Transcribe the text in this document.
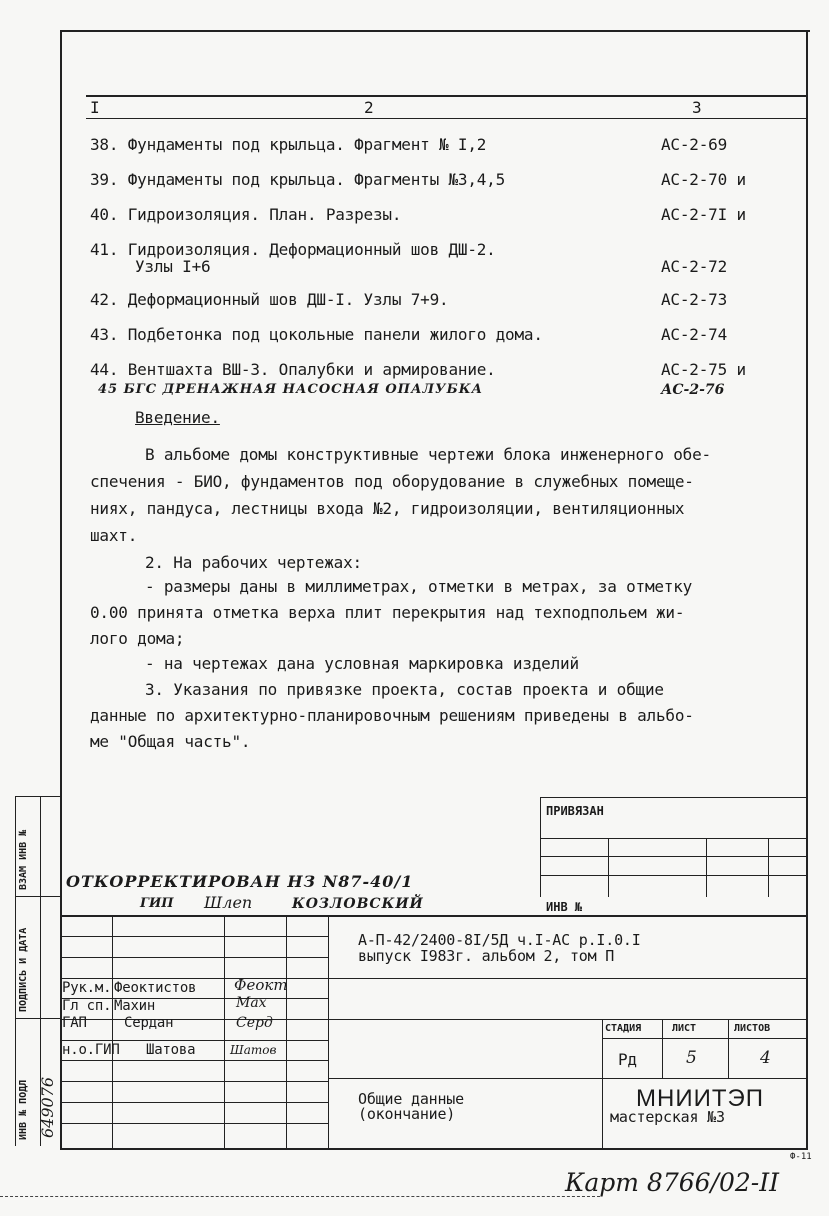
I	2	3
38. Фундаменты под крыльца. Фрагмент № I,2	АС-2-69
39. Фундаменты под крыльца. Фрагменты №3,4,5	АС-2-70 и
40. Гидроизоляция. План. Разрезы.	АС-2-7I и
41. Гидроизоляция. Деформационный шов ДШ-2.
Узлы I+6	АС-2-72
42. Деформационный шов ДШ-I. Узлы 7+9.	АС-2-73
43. Подбетонка под цокольные панели жилого дома.	АС-2-74
44. Вентшахта ВШ-3. Опалубки и армирование.	АС-2-75 и
45 БГС ДРЕНАЖНАЯ НАСОСНАЯ ОПАЛУБКА	АС-2-76
Введение.
В альбоме домы конструктивные чертежи блока инженерного обе-
спечения - БИО, фундаментов под оборудование в служебных помеще-
ниях, пандуса, лестницы входа №2, гидроизоляции, вентиляционных
шахт.
2. На рабочих чертежах:
- размеры даны в миллиметрах, отметки в метрах, за отметку
0.00 принята отметка верха плит перекрытия над техподпольем жи-
лого дома;
- на чертежах дана условная маркировка изделий
3. Указания по привязке проекта, состав проекта и общие
данные по архитектурно-планировочным решениям приведены в альбо-
ме "Общая часть".
ВЗАМ ИНВ №
ПОДПИСЬ И ДАТА
ИНВ № ПОДЛ 649076
ПРИВЯЗАН
ИНВ №
ОТКОРРЕКТИРОВАН НЗ N87-40/1
ГИП Шлеп	КОЗЛОВСКИЙ
А-П-42/2400-8I/5Д ч.I-АС р.I.0.I
выпуск I983г. альбом 2, том П
Рук.м. Феоктистов	Феокт
Гл сп. Махин	Мах
ГАП	Сердан	Серд
н.о.ГИП Шатова	Шатов
СТАДИЯ	ЛИСТ	ЛИСТОВ
Рд	5	4
Общие данные
(окончание)
МНИИТЭП
мастерская №3
Ф-11
Карт 8766/02-II
